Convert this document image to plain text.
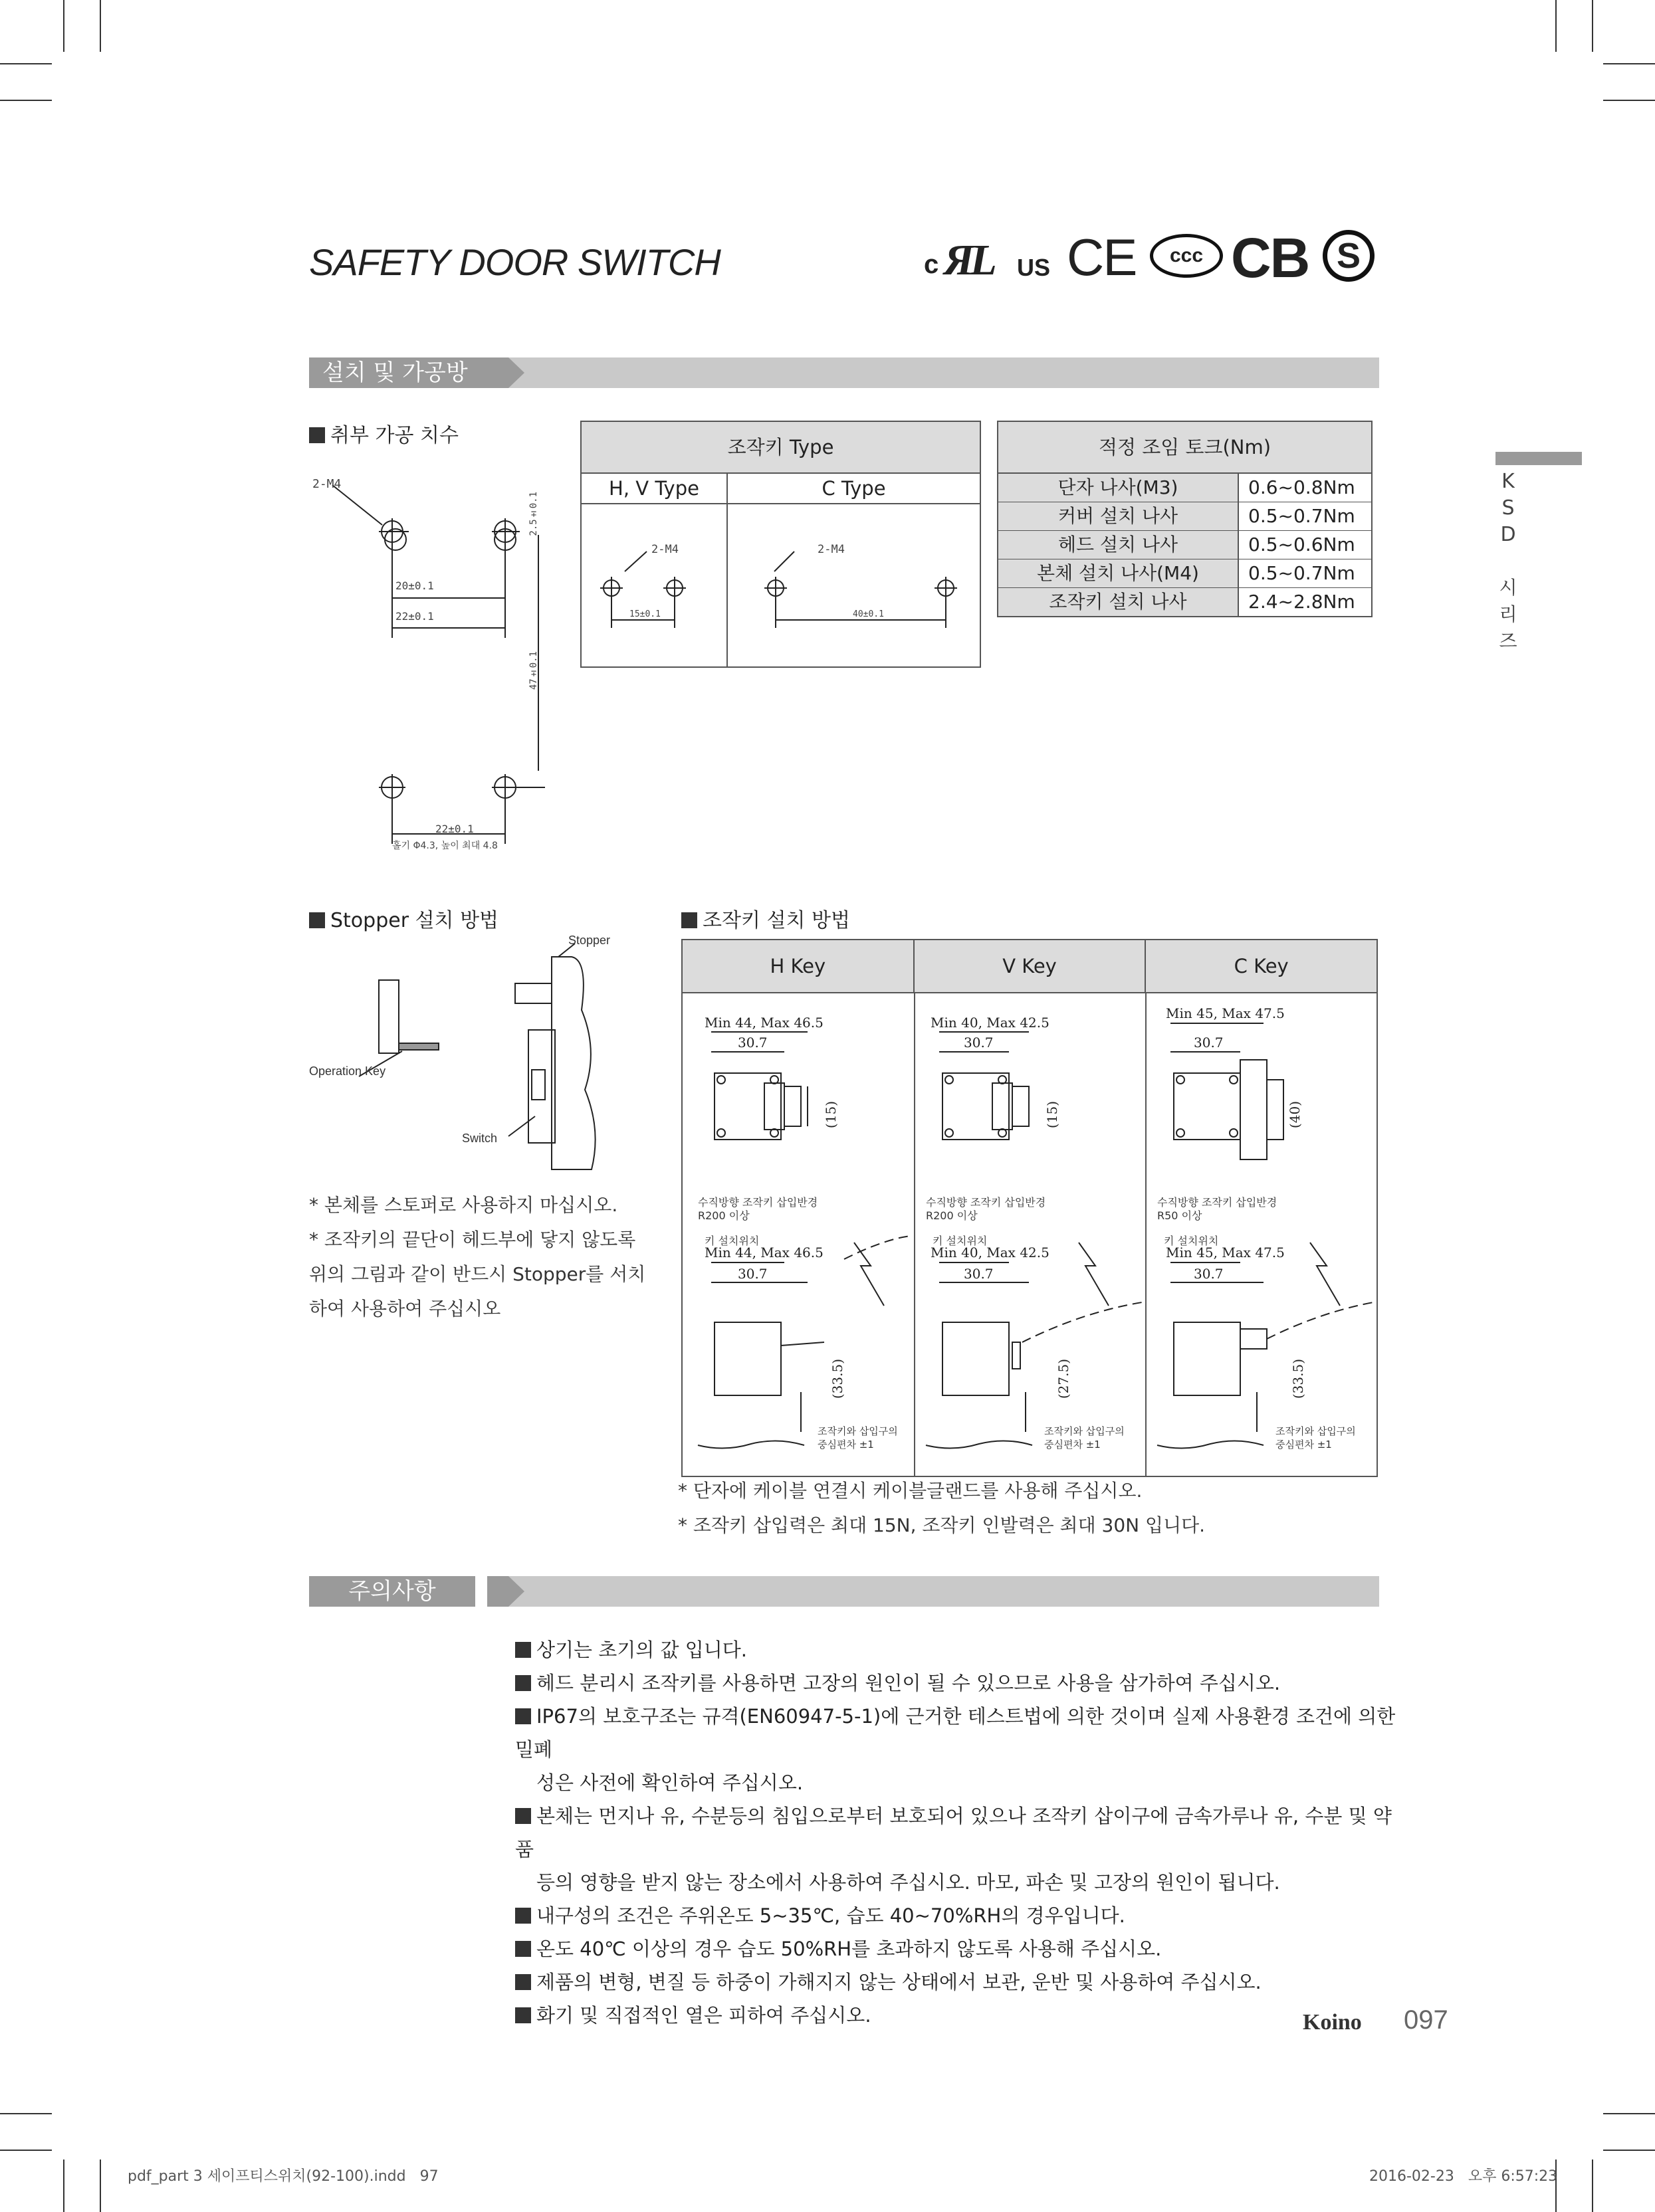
SAFETY DOOR SWITCH	c ЯL US CE	ccc CB S
K
S
D

시
리
즈
설치 및 가공방법
취부 가공 치수
2-M4
2.5±0.1
20±0.1
22±0.1
47±0.1
22±0.1
홀기 Φ4.3, 높이 최대 4.8
조작키 Type
H, V Type	C Type
2-M4
15±0.1
2-M4
40±0.1
적정 조임 토크(Nm)
단자 나사(M3)	0.6~0.8Nm
커버 설치 나사	0.5~0.7Nm
헤드 설치 나사	0.5~0.6Nm
본체 설치 나사(M4)	0.5~0.7Nm
조작키 설치 나사	2.4~2.8Nm
Stopper 설치 방법
Stopper
Operation Key
Switch
* 본체를 스토퍼로 사용하지 마십시오.
* 조작키의 끝단이 헤드부에 닿지 않도록
위의 그림과 같이 반드시 Stopper를 서치
하여 사용하여 주십시오
조작키 설치 방법
H Key	V Key	C Key
Min 44, Max 46.5
30.7
(15)
수직방향 조작키 삽입반경
R200 이상
키 설치위치
Min 44, Max 46.5
30.7
(33.5)
조작키와 삽입구의
중심편차 ±1
Min 40, Max 42.5
30.7
(15)
수직방향 조작키 삽입반경
R200 이상
키 설치위치
Min 40, Max 42.5
30.7
(27.5)
조작키와 삽입구의
중심편차 ±1
Min 45, Max 47.5
30.7
(40)
수직방향 조작키 삽입반경
R50 이상
키 설치위치
Min 45, Max 47.5
30.7
(33.5)
조작키와 삽입구의
중심편차 ±1
* 단자에 케이블 연결시 케이블글랜드를 사용해 주십시오.
* 조작키 삽입력은 최대 15N, 조작키 인발력은 최대 30N 입니다.
주의사항
상기는 초기의 값 입니다.
헤드 분리시 조작키를 사용하면 고장의 원인이 될 수 있으므로 사용을 삼가하여 주십시오.
IP67의 보호구조는 규격(EN60947-5-1)에 근거한 테스트법에 의한 것이며 실제 사용환경 조건에 의한 밀폐
성은 사전에 확인하여 주십시오.
본체는 먼지나 유, 수분등의 침입으로부터 보호되어 있으나 조작키 삽이구에 금속가루나 유, 수분 및 약품
등의 영향을 받지 않는 장소에서 사용하여 주십시오. 마모, 파손 및 고장의 원인이 됩니다.
내구성의 조건은 주위온도 5~35℃, 습도 40~70%RH의 경우입니다.
온도 40℃ 이상의 경우 습도 50%RH를 초과하지 않도록 사용해 주십시오.
제품의 변형, 변질 등 하중이 가해지지 않는 상태에서 보관, 운반 및 사용하여 주십시오.
화기 및 직접적인 열은 피하여 주십시오.	Koino 097
pdf_part 3 세이프티스위치(92-100).indd   97	2016-02-23   오후 6:57:23
